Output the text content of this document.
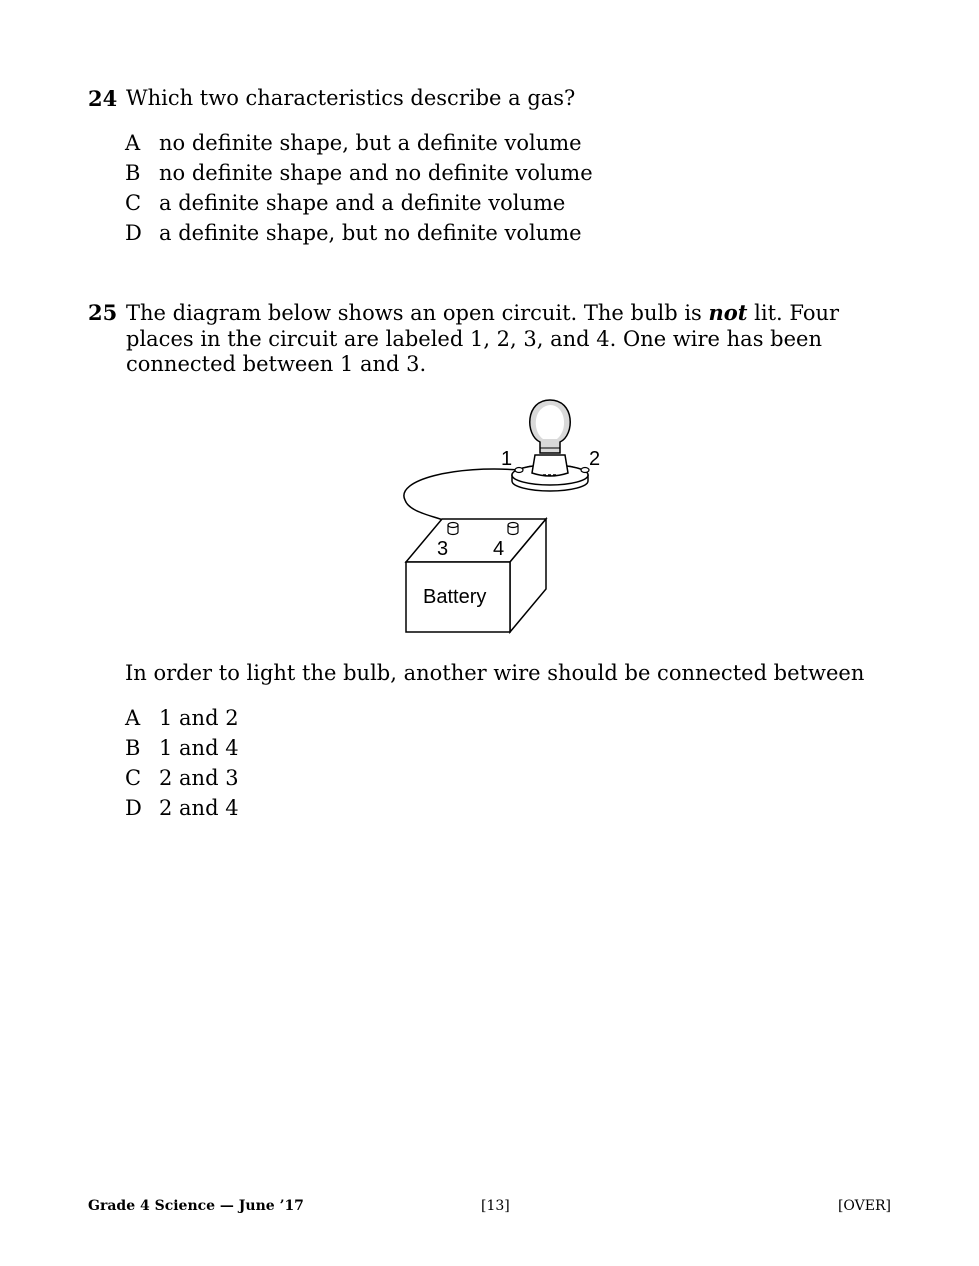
24 Which two characteristics describe a gas?
A no definite shape, but a definite volume
B no definite shape and no definite volume
C a definite shape and a definite volume
D a definite shape, but no definite volume
25 The diagram below shows an open circuit. The bulb is not lit. Four places in the circuit are labeled 1, 2, 3, and 4. One wire has been connected between 1 and 3.
1	2
3 4
Battery
In order to light the bulb, another wire should be connected between
A 1 and 2
B 1 and 4
C 2 and 3
D 2 and 4
Grade 4 Science — June ’17	[13]	[OVER]
